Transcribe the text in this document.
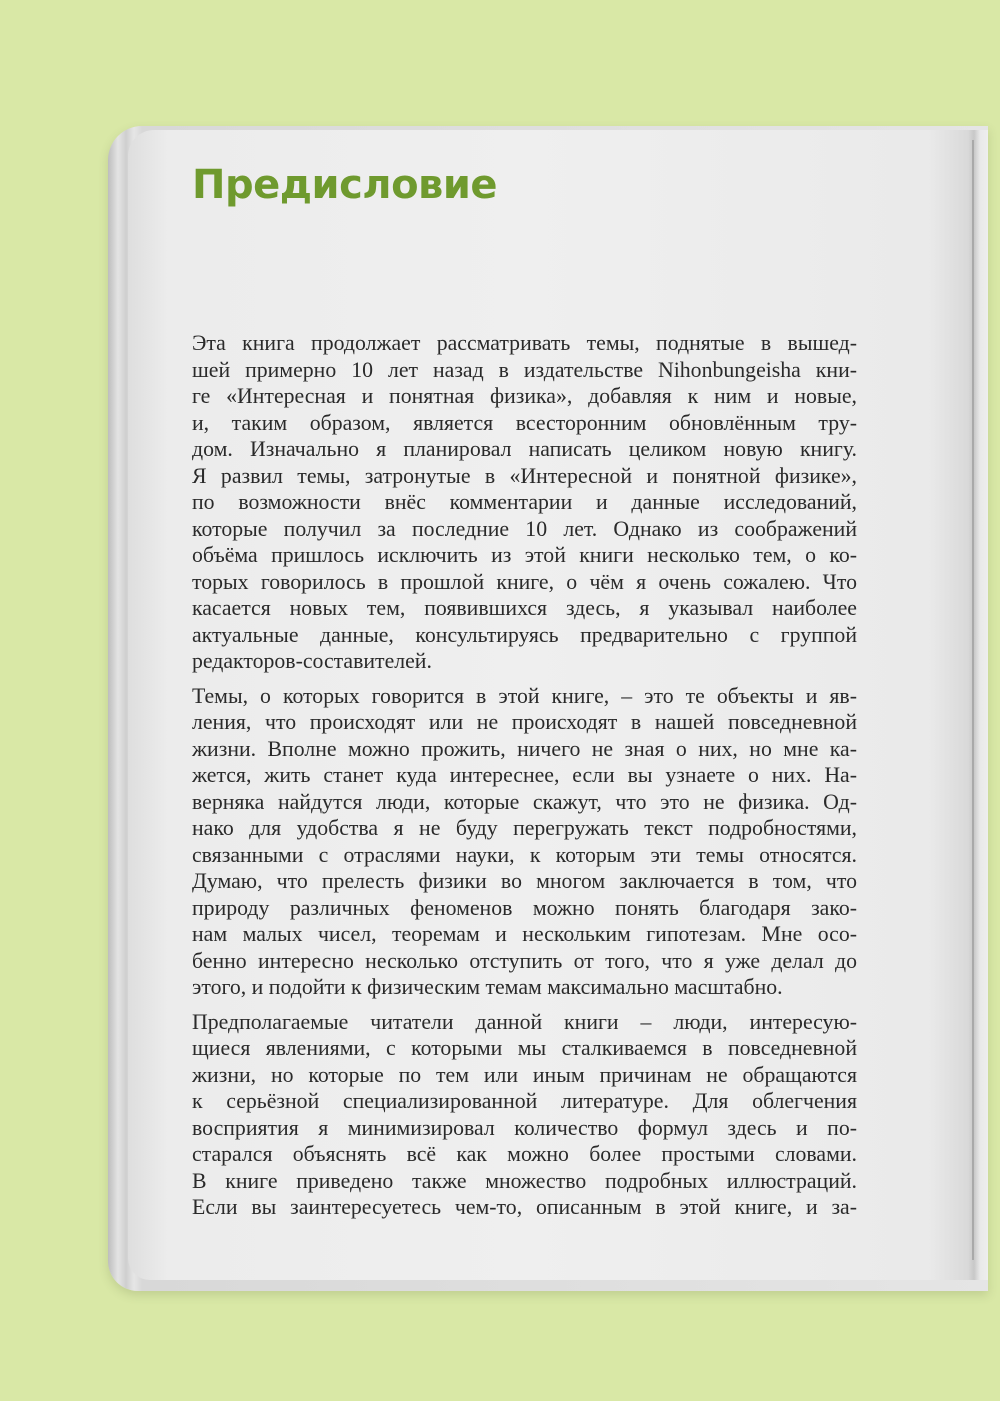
Предисловие

Эта книга продолжает рассматривать темы, поднятые в вышед-
шей примерно 10 лет назад в издательстве Nihonbungeisha кни-
ге «Интересная и понятная физика», добавляя к ним и новые,
и, таким образом, является всесторонним обновлённым тру-
дом. Изначально я планировал написать целиком новую книгу.
Я развил темы, затронутые в «Интересной и понятной физике»,
по возможности внёс комментарии и данные исследований,
которые получил за последние 10 лет. Однако из соображений
объёма пришлось исключить из этой книги несколько тем, о ко-
торых говорилось в прошлой книге, о чём я очень сожалею. Что
касается новых тем, появившихся здесь, я указывал наиболее
актуальные данные, консультируясь предварительно с группой
редакторов-составителей.

Темы, о которых говорится в этой книге, – это те объекты и яв-
ления, что происходят или не происходят в нашей повседневной
жизни. Вполне можно прожить, ничего не зная о них, но мне ка-
жется, жить станет куда интереснее, если вы узнаете о них. На-
верняка найдутся люди, которые скажут, что это не физика. Од-
нако для удобства я не буду перегружать текст подробностями,
связанными с отраслями науки, к которым эти темы относятся.
Думаю, что прелесть физики во многом заключается в том, что
природу различных феноменов можно понять благодаря зако-
нам малых чисел, теоремам и нескольким гипотезам. Мне осо-
бенно интересно несколько отступить от того, что я уже делал до
этого, и подойти к физическим темам максимально масштабно.

Предполагаемые читатели данной книги – люди, интересую-
щиеся явлениями, с которыми мы сталкиваемся в повседневной
жизни, но которые по тем или иным причинам не обращаются
к серьёзной специализированной литературе. Для облегчения
восприятия я минимизировал количество формул здесь и по-
старался объяснять всё как можно более простыми словами.
В книге приведено также множество подробных иллюстраций.
Если вы заинтересуетесь чем-то, описанным в этой книге, и за-
